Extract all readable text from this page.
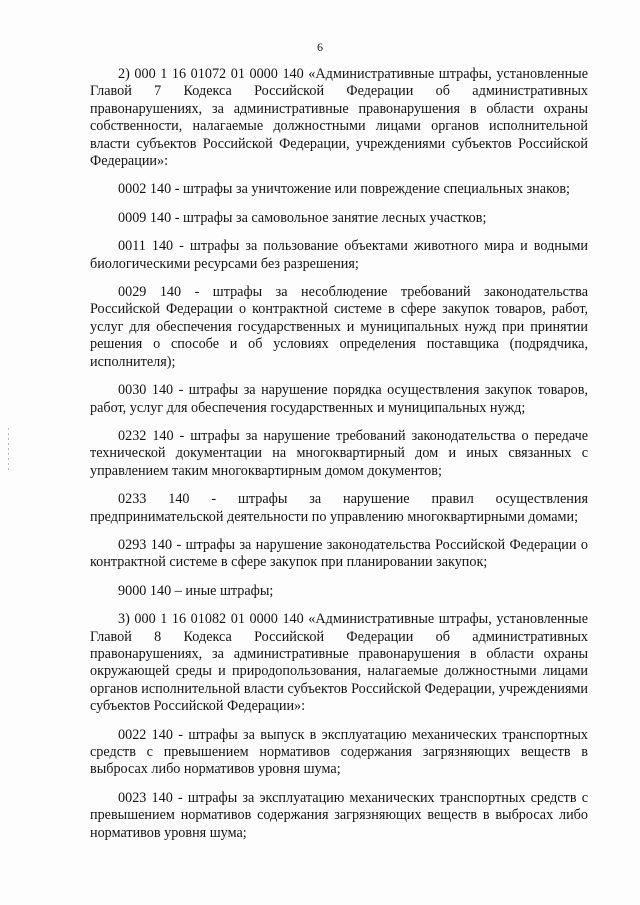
6

2) 000 1 16 01072 01 0000 140 «Административные штрафы, установленные Главой 7 Кодекса Российской Федерации об административных правонарушениях, за административные правонарушения в области охраны собственности, налагаемые должностными лицами органов исполнительной власти субъектов Российской Федерации, учреждениями субъектов Российской Федерации»:

0002 140 - штрафы за уничтожение или повреждение специальных знаков;

0009 140 - штрафы за самовольное занятие лесных участков;

0011 140 - штрафы за пользование объектами животного мира и водными биологическими ресурсами без разрешения;

0029 140 - штрафы за несоблюдение требований законодательства Российской Федерации о контрактной системе в сфере закупок товаров, работ, услуг для обеспечения государственных и муниципальных нужд при принятии решения о способе и об условиях определения поставщика (подрядчика, исполнителя);

0030 140 - штрафы за нарушение порядка осуществления закупок товаров, работ, услуг для обеспечения государственных и муниципальных нужд;

0232 140 - штрафы за нарушение требований законодательства о передаче технической документации на многоквартирный дом и иных связанных с управлением таким многоквартирным домом документов;

0233 140 - штрафы за нарушение правил осуществления предпринимательской деятельности по управлению многоквартирными домами;

0293 140 - штрафы за нарушение законодательства Российской Федерации о контрактной системе в сфере закупок при планировании закупок;

9000 140 – иные штрафы;

3) 000 1 16 01082 01 0000 140 «Административные штрафы, установленные Главой 8 Кодекса Российской Федерации об административных правонарушениях, за административные правонарушения в области охраны окружающей среды и природопользования, налагаемые должностными лицами органов исполнительной власти субъектов Российской Федерации, учреждениями субъектов Российской Федерации»:

0022 140 - штрафы за выпуск в эксплуатацию механических транспортных средств с превышением нормативов содержания загрязняющих веществ в выбросах либо нормативов уровня шума;

0023 140 - штрафы за эксплуатацию механических транспортных средств с превышением нормативов содержания загрязняющих веществ в выбросах либо нормативов уровня шума;
